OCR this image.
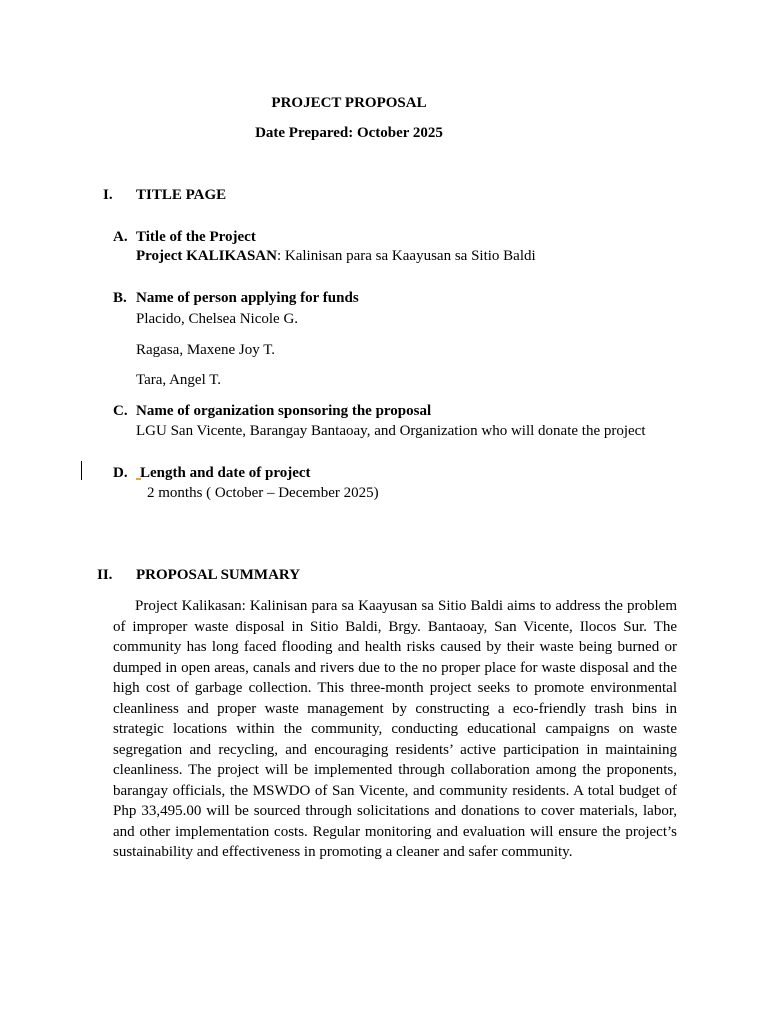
PROJECT PROPOSAL
Date Prepared: October 2025
I. TITLE PAGE
A. Title of the Project
Project KALIKASAN: Kalinisan para sa Kaayusan sa Sitio Baldi
B. Name of person applying for funds
Placido, Chelsea Nicole G.
Ragasa, Maxene Joy T.
Tara, Angel T.
C. Name of organization sponsoring the proposal
LGU San Vicente, Barangay Bantaoay, and Organization who will donate the project
D. Length and date of project
2 months ( October – December 2025)
II. PROPOSAL SUMMARY

Project Kalikasan: Kalinisan para sa Kaayusan sa Sitio Baldi aims to address the problem of improper waste disposal in Sitio Baldi, Brgy. Bantaoay, San Vicente, Ilocos Sur. The community has long faced flooding and health risks caused by their waste being burned or dumped in open areas, canals and rivers due to the no proper place for waste disposal and the high cost of garbage collection. This three-month project seeks to promote environmental cleanliness and proper waste management by constructing a eco-friendly trash bins in strategic locations within the community, conducting educational campaigns on waste segregation and recycling, and encouraging residents’ active participation in maintaining cleanliness. The project will be implemented through collaboration among the proponents, barangay officials, the MSWDO of San Vicente, and community residents. A total budget of Php 33,495.00 will be sourced through solicitations and donations to cover materials, labor, and other implementation costs. Regular monitoring and evaluation will ensure the project’s sustainability and effectiveness in promoting a cleaner and safer community.
